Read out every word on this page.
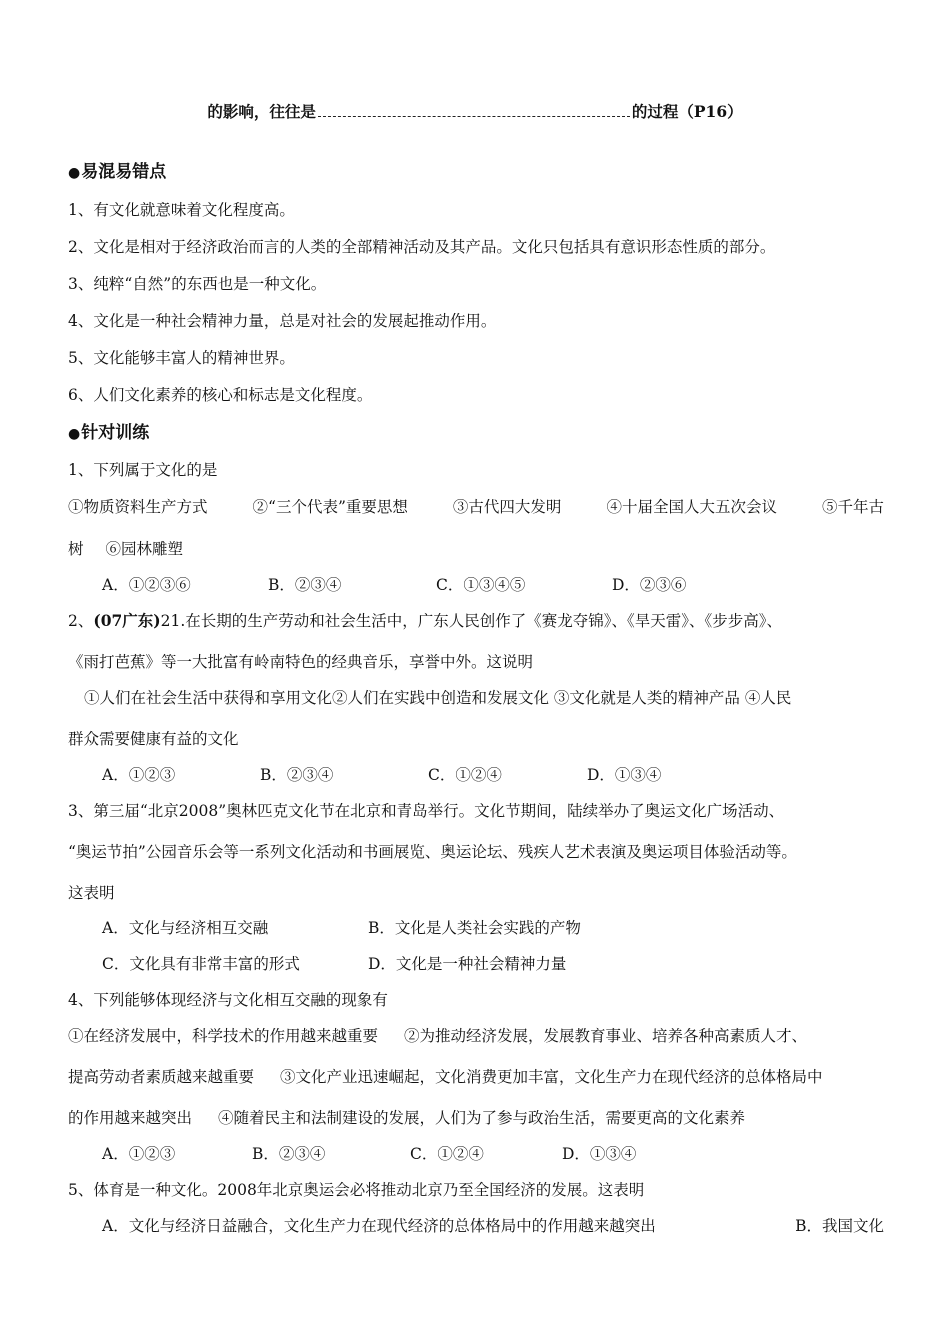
的影响，往往是	的过程（P16）
●易混易错点
1、有文化就意味着文化程度高。
2、文化是相对于经济政治而言的人类的全部精神活动及其产品。文化只包括具有意识形态性质的部分。
3、纯粹“自然”的东西也是一种文化。
4、文化是一种社会精神力量，总是对社会的发展起推动作用。
5、文化能够丰富人的精神世界。
6、人们文化素养的核心和标志是文化程度。
●针对训练
1、下列属于文化的是
①物质资料生产方式	②“三个代表”重要思想	③古代四大发明	④十届全国人大五次会议	⑤千年古
树 ⑥园林雕塑
A．①②③⑥	B．②③④	C．①③④⑤	D．②③⑥
2、(07广东)21.在长期的生产劳动和社会生活中，广东人民创作了《赛龙夺锦》、《旱天雷》、《步步高》、
《雨打芭蕉》等一大批富有岭南特色的经典音乐，享誉中外。这说明
①人们在社会生活中获得和享用文化②人们在实践中创造和发展文化 ③文化就是人类的精神产品 ④人民
群众需要健康有益的文化
A．①②③	B．②③④	C．①②④	D．①③④
3、第三届“北京2008”奥林匹克文化节在北京和青岛举行。文化节期间，陆续举办了奥运文化广场活动、
“奥运节拍”公园音乐会等一系列文化活动和书画展览、奥运论坛、残疾人艺术表演及奥运项目体验活动等。
这表明
A．文化与经济相互交融	B．文化是人类社会实践的产物
C．文化具有非常丰富的形式	D．文化是一种社会精神力量
4、下列能够体现经济与文化相互交融的现象有
①在经济发展中，科学技术的作用越来越重要 ②为推动经济发展，发展教育事业、培养各种高素质人才、
提高劳动者素质越来越重要 ③文化产业迅速崛起，文化消费更加丰富，文化生产力在现代经济的总体格局中
的作用越来越突出 ④随着民主和法制建设的发展，人们为了参与政治生活，需要更高的文化素养
A．①②③	B．②③④	C．①②④	D．①③④
5、体育是一种文化。2008年北京奥运会必将推动北京乃至全国经济的发展。这表明
A．文化与经济日益融合，文化生产力在现代经济的总体格局中的作用越来越突出	B．我国文化
